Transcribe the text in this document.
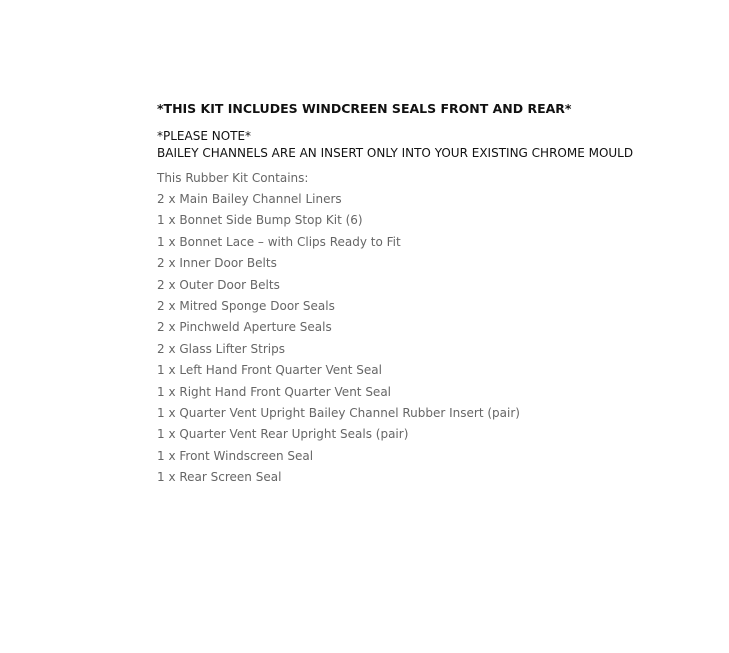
*THIS KIT INCLUDES WINDCREEN SEALS FRONT AND REAR*

*PLEASE NOTE*
BAILEY CHANNELS ARE AN INSERT ONLY INTO YOUR EXISTING CHROME MOULD
This Rubber Kit Contains:
2 x Main Bailey Channel Liners
1 x Bonnet Side Bump Stop Kit (6)
1 x Bonnet Lace – with Clips Ready to Fit
2 x Inner Door Belts
2 x Outer Door Belts
2 x Mitred Sponge Door Seals
2 x Pinchweld Aperture Seals
2 x Glass Lifter Strips
1 x Left Hand Front Quarter Vent Seal
1 x Right Hand Front Quarter Vent Seal
1 x Quarter Vent Upright Bailey Channel Rubber Insert (pair)
1 x Quarter Vent Rear Upright Seals (pair)
1 x Front Windscreen Seal
1 x Rear Screen Seal
